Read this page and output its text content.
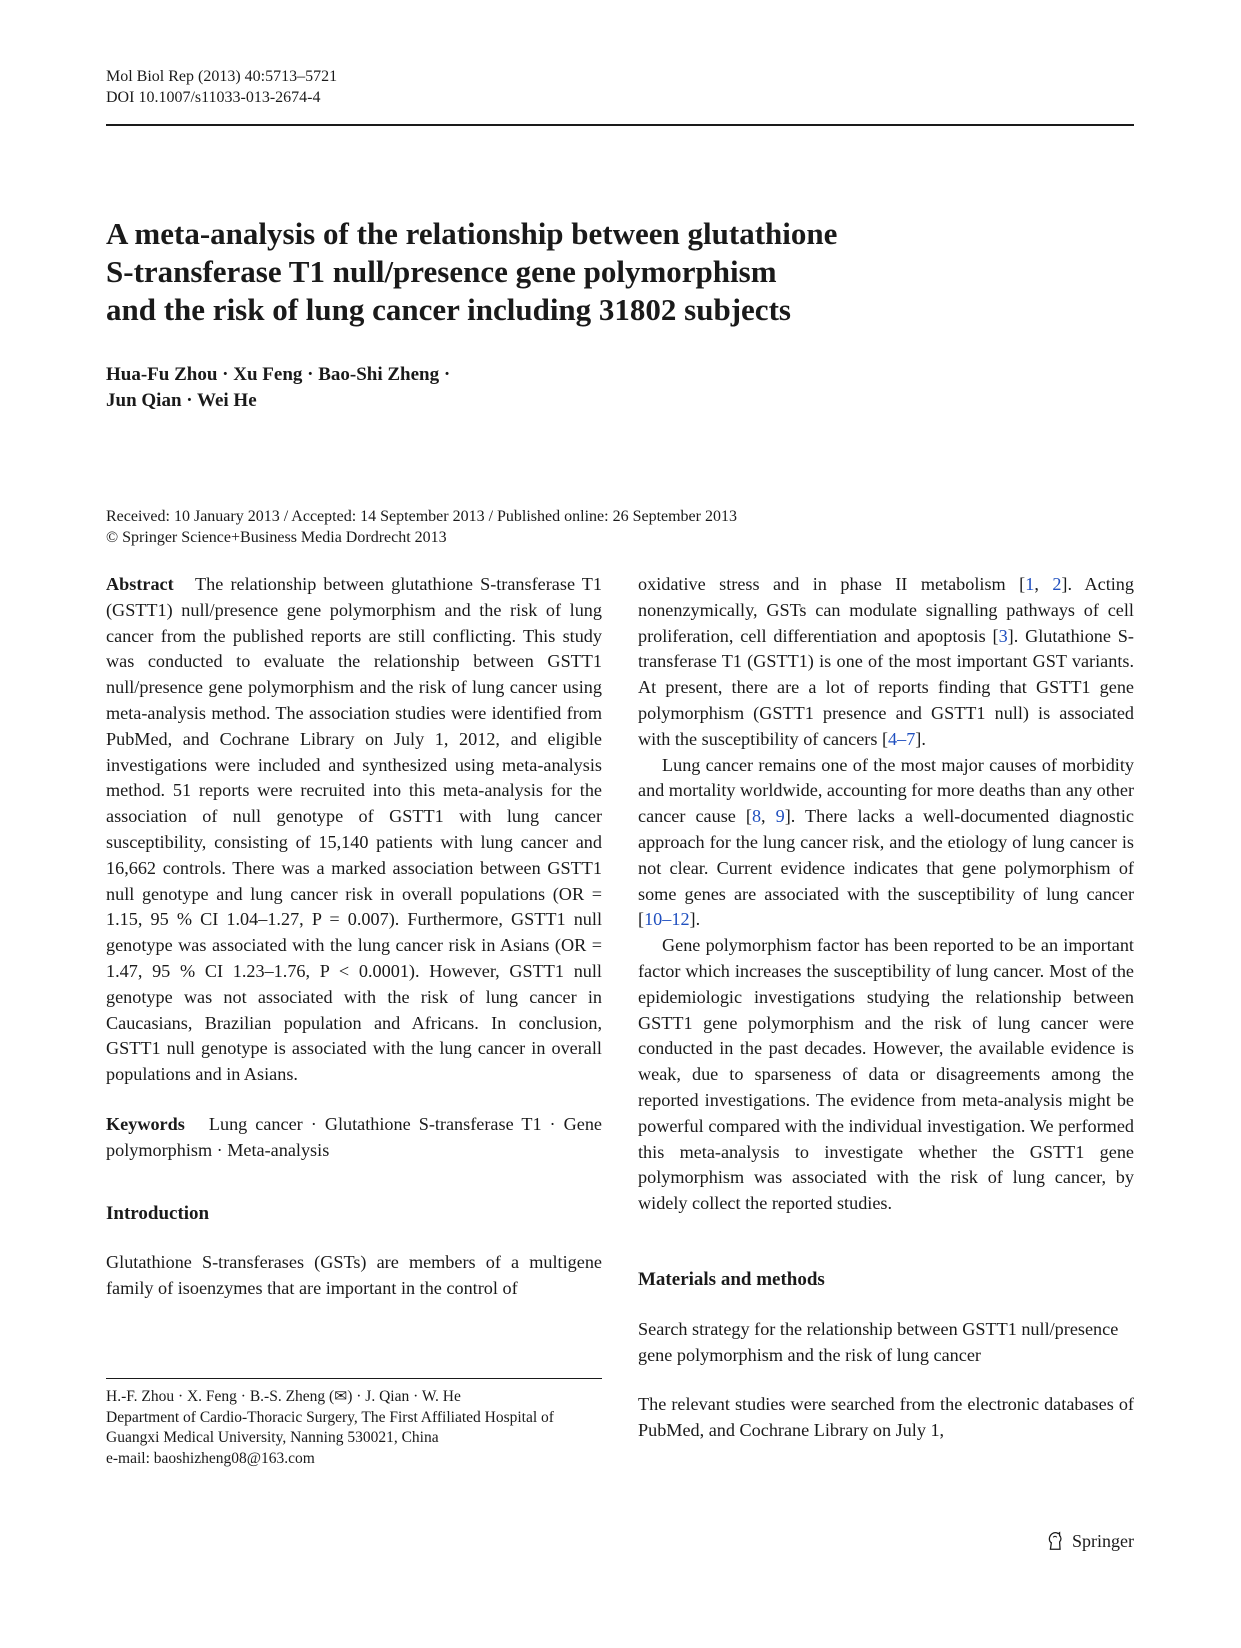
Mol Biol Rep (2013) 40:5713–5721
DOI 10.1007/s11033-013-2674-4
A meta-analysis of the relationship between glutathione
S-transferase T1 null/presence gene polymorphism
and the risk of lung cancer including 31802 subjects
Hua-Fu Zhou · Xu Feng · Bao-Shi Zheng ·
Jun Qian · Wei He
Received: 10 January 2013 / Accepted: 14 September 2013 / Published online: 26 September 2013
© Springer Science+Business Media Dordrecht 2013

Abstract The relationship between glutathione S-transferase T1 (GSTT1) null/presence gene polymorphism and the risk of lung cancer from the published reports are still conflicting. This study was conducted to evaluate the relationship between GSTT1 null/presence gene polymorphism and the risk of lung cancer using meta-analysis method. The association studies were identified from PubMed, and Cochrane Library on July 1, 2012, and eligible investigations were included and synthesized using meta-analysis method. 51 reports were recruited into this meta-analysis for the association of null genotype of GSTT1 with lung cancer susceptibility, consisting of 15,140 patients with lung cancer and 16,662 controls. There was a marked association between GSTT1 null genotype and lung cancer risk in overall populations (OR = 1.15, 95 % CI 1.04–1.27, P = 0.007). Furthermore, GSTT1 null genotype was associated with the lung cancer risk in Asians (OR = 1.47, 95 % CI 1.23–1.76, P < 0.0001). However, GSTT1 null genotype was not associated with the risk of lung cancer in Caucasians, Brazilian population and Africans. In conclusion, GSTT1 null genotype is associated with the lung cancer in overall populations and in Asians.

Keywords Lung cancer · Glutathione S-transferase T1 · Gene polymorphism · Meta-analysis

Introduction

Glutathione S-transferases (GSTs) are members of a multigene family of isoenzymes that are important in the control of

H.-F. Zhou · X. Feng · B.-S. Zheng (✉) · J. Qian · W. He
Department of Cardio-Thoracic Surgery, The First Affiliated Hospital of Guangxi Medical University, Nanning 530021, China
e-mail: baoshizheng08@163.com

oxidative stress and in phase II metabolism [1, 2]. Acting nonenzymically, GSTs can modulate signalling pathways of cell proliferation, cell differentiation and apoptosis [3]. Glutathione S-transferase T1 (GSTT1) is one of the most important GST variants. At present, there are a lot of reports finding that GSTT1 gene polymorphism (GSTT1 presence and GSTT1 null) is associated with the susceptibility of cancers [4–7].

Lung cancer remains one of the most major causes of morbidity and mortality worldwide, accounting for more deaths than any other cancer cause [8, 9]. There lacks a well-documented diagnostic approach for the lung cancer risk, and the etiology of lung cancer is not clear. Current evidence indicates that gene polymorphism of some genes are associated with the susceptibility of lung cancer [10–12].

Gene polymorphism factor has been reported to be an important factor which increases the susceptibility of lung cancer. Most of the epidemiologic investigations studying the relationship between GSTT1 gene polymorphism and the risk of lung cancer were conducted in the past decades. However, the available evidence is weak, due to sparseness of data or disagreements among the reported investigations. The evidence from meta-analysis might be powerful compared with the individual investigation. We performed this meta-analysis to investigate whether the GSTT1 gene polymorphism was associated with the risk of lung cancer, by widely collect the reported studies.

Materials and methods

Search strategy for the relationship between GSTT1 null/presence gene polymorphism and the risk of lung cancer

The relevant studies were searched from the electronic databases of PubMed, and Cochrane Library on July 1,

Springer
